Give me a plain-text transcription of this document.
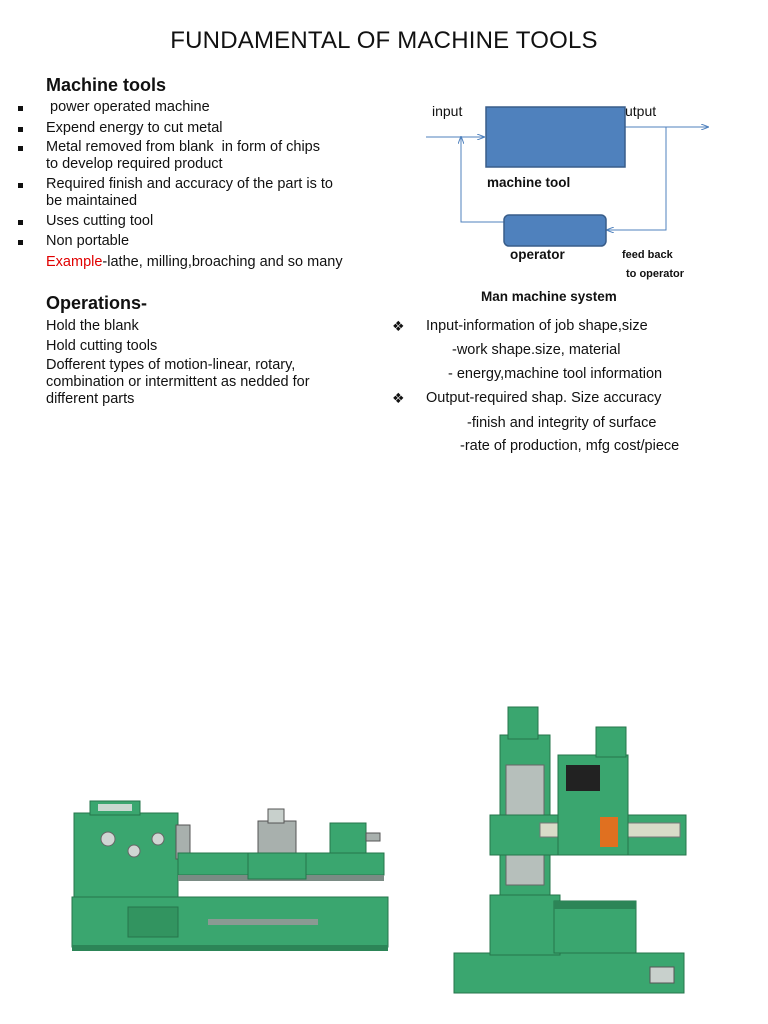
FUNDAMENTAL OF MACHINE TOOLS
Machine tools
power operated machine
Expend energy to cut metal
Metal removed from blank  in form of chips
to develop required product
Required finish and accuracy of the part is to
be maintained
Uses cutting tool
Non portable
Example-lathe, milling,broaching and so many
Operations-
Hold the blank
Hold cutting tools
Dofferent types of motion-linear, rotary,
combination or intermittent as nedded for
different parts
input	utput
machine tool
operator	feed back
to operator
Man machine system
❖ Input-information of job shape,size
-work shape.size, material
- energy,machine tool information
❖ Output-required shap. Size accuracy
-finish and integrity of surface
-rate of production, mfg cost/piece
